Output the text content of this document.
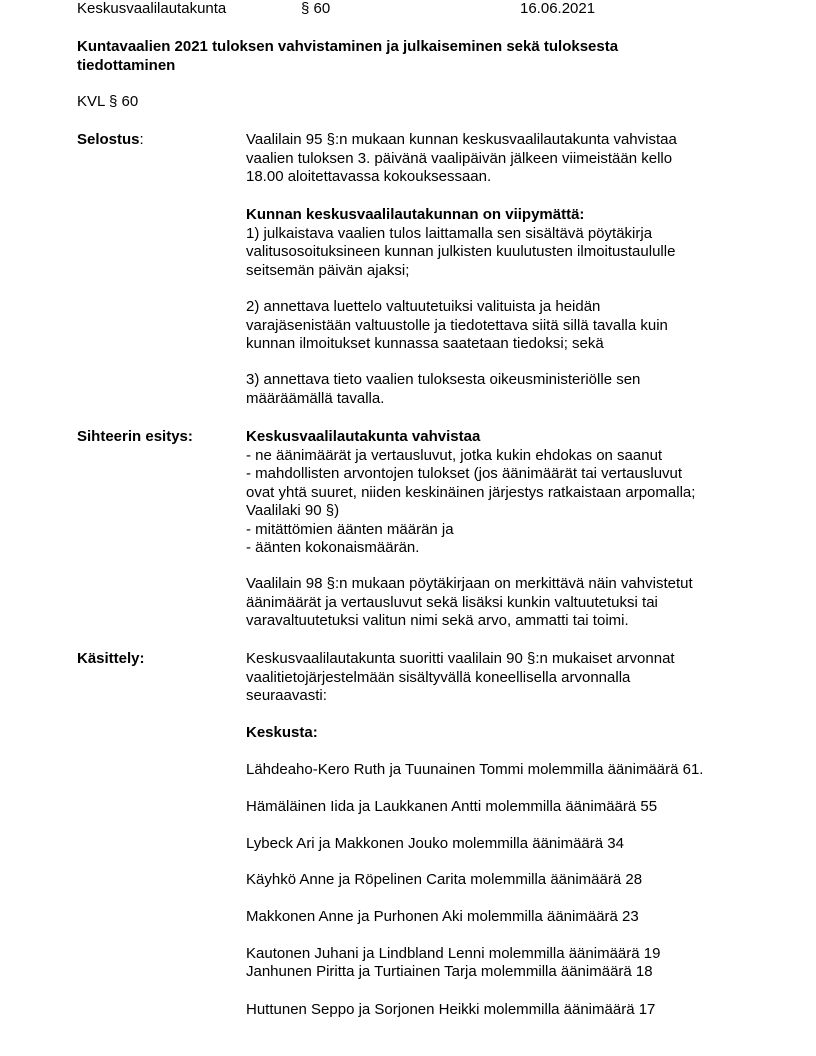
Keskusvaalilautakunta	§ 60	16.06.2021
Kuntavaalien 2021 tuloksen vahvistaminen ja julkaiseminen sekä tuloksesta
tiedottaminen
KVL § 60
Selostus:	Vaalilain 95 §:n mukaan kunnan keskusvaalilautakunta vahvistaa
vaalien tuloksen 3. päivänä vaalipäivän jälkeen viimeistään kello
18.00 aloitettavassa kokouksessaan.
Kunnan keskusvaalilautakunnan on viipymättä:
1) julkaistava vaalien tulos laittamalla sen sisältävä pöytäkirja
valitusosoituksineen kunnan julkisten kuulutusten ilmoitustaululle
seitsemän päivän ajaksi;
2) annettava luettelo valtuutetuiksi valituista ja heidän
varajäsenistään valtuustolle ja tiedotettava siitä sillä tavalla kuin
kunnan ilmoitukset kunnassa saatetaan tiedoksi; sekä
3) annettava tieto vaalien tuloksesta oikeusministeriölle sen
määräämällä tavalla.
Sihteerin esitys:	Keskusvaalilautakunta vahvistaa
- ne äänimäärät ja vertausluvut, jotka kukin ehdokas on saanut
- mahdollisten arvontojen tulokset (jos äänimäärät tai vertausluvut
ovat yhtä suuret, niiden keskinäinen järjestys ratkaistaan arpomalla;
Vaalilaki 90 §)
- mitättömien äänten määrän ja
- äänten kokonaismäärän.
Vaalilain 98 §:n mukaan pöytäkirjaan on merkittävä näin vahvistetut
äänimäärät ja vertausluvut sekä lisäksi kunkin valtuutetuksi tai
varavaltuutetuksi valitun nimi sekä arvo, ammatti tai toimi.
Käsittely:	Keskusvaalilautakunta suoritti vaalilain 90 §:n mukaiset arvonnat
vaalitietojärjestelmään sisältyvällä koneellisella arvonnalla
seuraavasti:
Keskusta:
Lähdeaho-Kero Ruth ja Tuunainen Tommi molemmilla äänimäärä 61.
Hämäläinen Iida ja Laukkanen Antti molemmilla äänimäärä 55
Lybeck Ari ja Makkonen Jouko molemmilla äänimäärä 34
Käyhkö Anne ja Röpelinen Carita molemmilla äänimäärä 28
Makkonen Anne ja Purhonen Aki molemmilla äänimäärä 23
Kautonen Juhani ja Lindbland Lenni molemmilla äänimäärä 19
Janhunen Piritta ja Turtiainen Tarja molemmilla äänimäärä 18
Huttunen Seppo ja Sorjonen Heikki molemmilla äänimäärä 17
